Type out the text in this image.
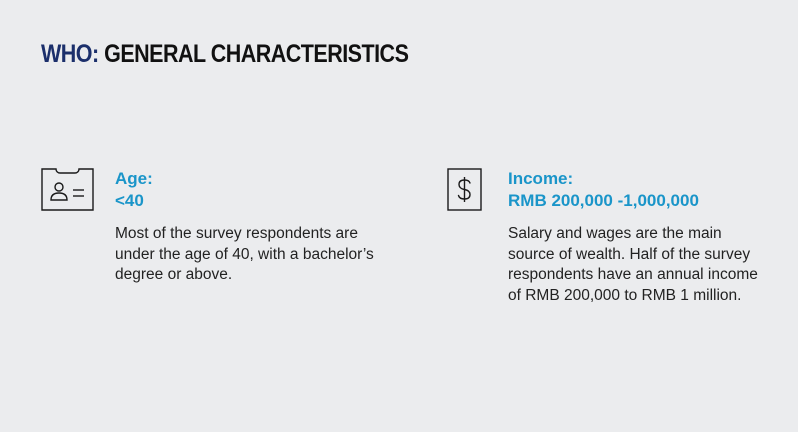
WHO: GENERAL CHARACTERISTICS

Age:
<40

Most of the survey respondents are under the age of 40, with a bachelor’s degree or above.

Income:
RMB 200,000 -1,000,000

Salary and wages are the main source of wealth. Half of the survey respondents have an annual income of RMB 200,000 to RMB 1 million.
